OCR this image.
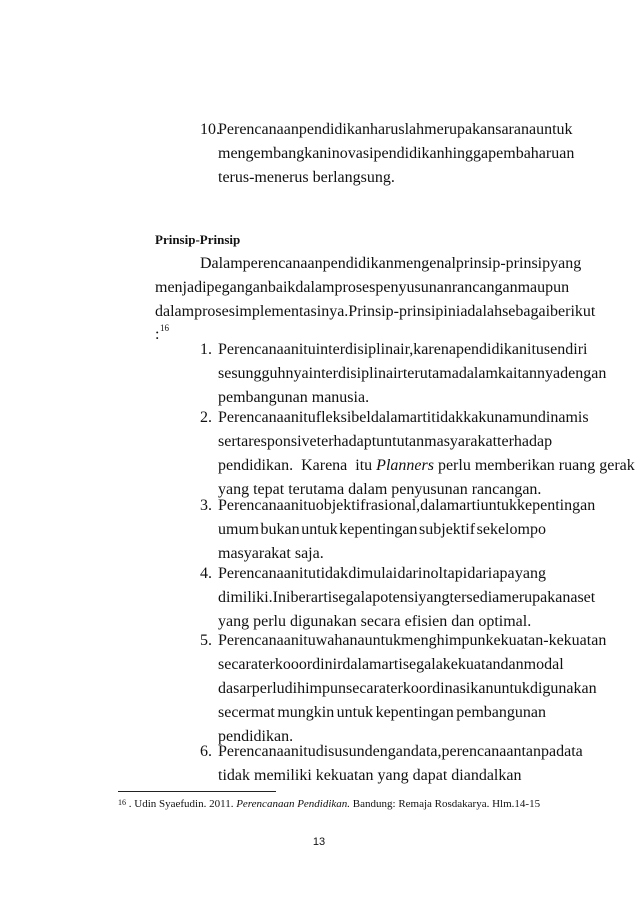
10.
Perencanaan pendidikan haruslah merupakan sarana untuk
mengembangkan inovasi pendidikan hingga pembaharuan
terus-menerus berlangsung.
Prinsip-Prinsip
Dalam perencanaan pendidikan mengenal prinsip-prinsip yang
menjadi pegangan baik dalam proses penyusunan rancangan maupun
dalam proses implementasinya. Prinsip-prinsip ini adalah sebagai berikut
: 16
1. Perencanaan itu interdisiplinair, karena pendidikan itu sendiri
sesungguhnya interdisiplinair terutama dalam kaitannya dengan
pembangunan manusia.
2. Perencanaan itu fleksibel dalam arti tidak kaku namun dinamis
serta responsive terhadap tuntutan masyarakat terhadap
pendidikan.  Karena  itu Planners perlu memberikan ruang gerak
yang tepat terutama dalam penyusunan rancangan.
3. Perencanaan itu objektif rasional, dalam arti untuk kepentingan
umum bukan untuk kepentingan subjektif sekelompo
masyarakat saja.
4. Perencanaan itu tidak dimulai dari nol tapi dari apa yang
dimiliki. Ini berarti segala potensi yang tersedia merupakan aset
yang perlu digunakan secara efisien dan optimal.
5. Perencanaan itu wahana untuk menghimpun kekuatan-kekuatan
secara terkooordinir dalam arti segala kekuatan dan modal
dasar perlu dihimpun secara terkoordinasikan untuk digunakan
secermat mungkin untuk kepentingan pembangunan
pendidikan.
6. Perencanaan itu disusun dengan data, perencanaan tanpa data
tidak memiliki kekuatan yang dapat diandalkan
$^{16}$ . Udin Syaefudin. 2011. Perencanaan Pendidikan. Bandung: Remaja Rosdakarya. Hlm.14-15
13
